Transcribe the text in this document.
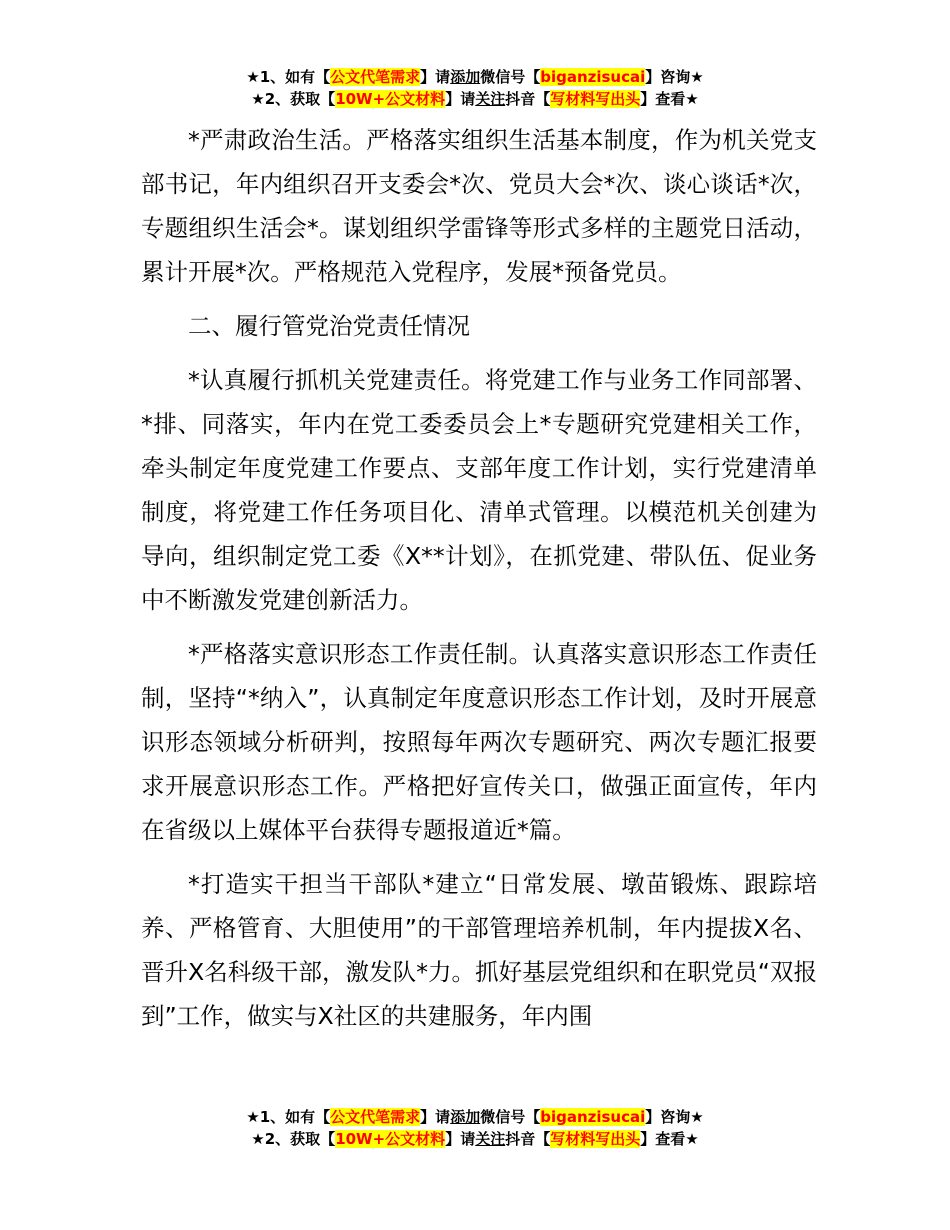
★1、如有【公文代笔需求】请添加微信号【biganzisucai】咨询★
★2、获取【10W+公文材料】请关注抖音【写材料写出头】查看★

*严肃政治生活。严格落实组织生活基本制度，作为机关党支部书记，年内组织召开支委会*次、党员大会*次、谈心谈话*次，专题组织生活会*。谋划组织学雷锋等形式多样的主题党日活动，累计开展*次。严格规范入党程序，发展*预备党员。

二、履行管党治党责任情况

*认真履行抓机关党建责任。将党建工作与业务工作同部署、*排、同落实，年内在党工委委员会上*专题研究党建相关工作，牵头制定年度党建工作要点、支部年度工作计划，实行党建清单制度，将党建工作任务项目化、清单式管理。以模范机关创建为导向，组织制定党工委《X**计划》，在抓党建、带队伍、促业务中不断激发党建创新活力。

*严格落实意识形态工作责任制。认真落实意识形态工作责任制，坚持“*纳入”，认真制定年度意识形态工作计划，及时开展意识形态领域分析研判，按照每年两次专题研究、两次专题汇报要求开展意识形态工作。严格把好宣传关口，做强正面宣传，年内在省级以上媒体平台获得专题报道近*篇。

*打造实干担当干部队*建立“日常发展、墩苗锻炼、跟踪培养、严格管育、大胆使用”的干部管理培养机制，年内提拔X名、晋升X名科级干部，激发队*力。抓好基层党组织和在职党员“双报到”工作，做实与X社区的共建服务，年内围

★1、如有【公文代笔需求】请添加微信号【biganzisucai】咨询★
★2、获取【10W+公文材料】请关注抖音【写材料写出头】查看★
